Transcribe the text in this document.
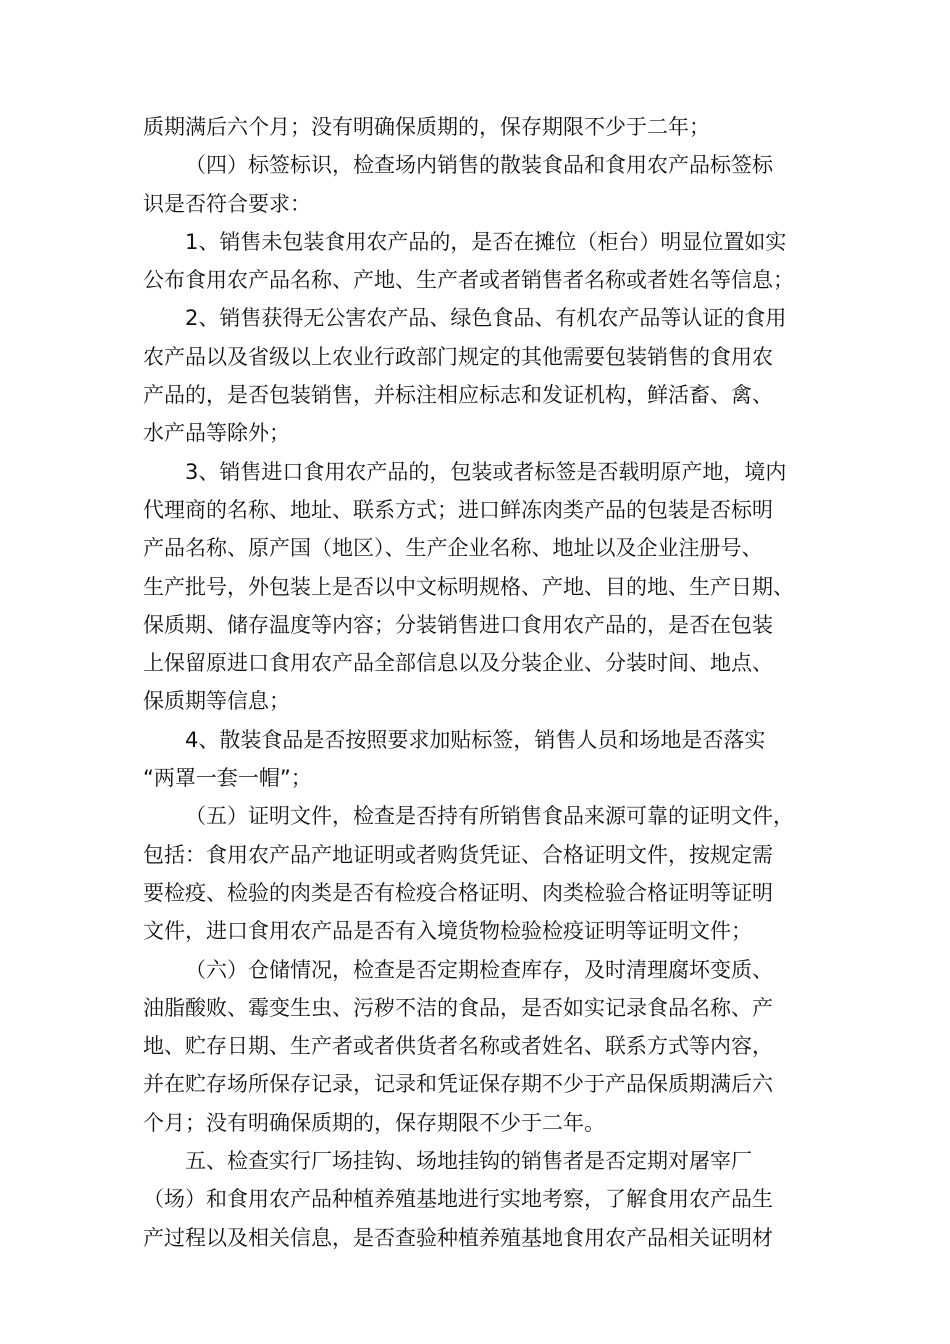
质期满后六个月；没有明确保质期的，保存期限不少于二年；
（四）标签标识，检查场内销售的散装食品和食用农产品标签标
识是否符合要求：
1、销售未包装食用农产品的，是否在摊位（柜台）明显位置如实
公布食用农产品名称、产地、生产者或者销售者名称或者姓名等信息；
2、销售获得无公害农产品、绿色食品、有机农产品等认证的食用
农产品以及省级以上农业行政部门规定的其他需要包装销售的食用农
产品的，是否包装销售，并标注相应标志和发证机构，鲜活畜、禽、
水产品等除外；
3、销售进口食用农产品的，包装或者标签是否载明原产地，境内
代理商的名称、地址、联系方式；进口鲜冻肉类产品的包装是否标明
产品名称、原产国（地区）、生产企业名称、地址以及企业注册号、
生产批号，外包装上是否以中文标明规格、产地、目的地、生产日期、
保质期、储存温度等内容；分装销售进口食用农产品的，是否在包装
上保留原进口食用农产品全部信息以及分装企业、分装时间、地点、
保质期等信息；
4、散装食品是否按照要求加贴标签，销售人员和场地是否落实
“两罩一套一帽”；
（五）证明文件，检查是否持有所销售食品来源可靠的证明文件，
包括：食用农产品产地证明或者购货凭证、合格证明文件，按规定需
要检疫、检验的肉类是否有检疫合格证明、肉类检验合格证明等证明
文件，进口食用农产品是否有入境货物检验检疫证明等证明文件；
（六）仓储情况，检查是否定期检查库存，及时清理腐坏变质、
油脂酸败、霉变生虫、污秽不洁的食品，是否如实记录食品名称、产
地、贮存日期、生产者或者供货者名称或者姓名、联系方式等内容，
并在贮存场所保存记录，记录和凭证保存期不少于产品保质期满后六
个月；没有明确保质期的，保存期限不少于二年。
五、检查实行厂场挂钩、场地挂钩的销售者是否定期对屠宰厂
（场）和食用农产品种植养殖基地进行实地考察，了解食用农产品生
产过程以及相关信息，是否查验种植养殖基地食用农产品相关证明材
